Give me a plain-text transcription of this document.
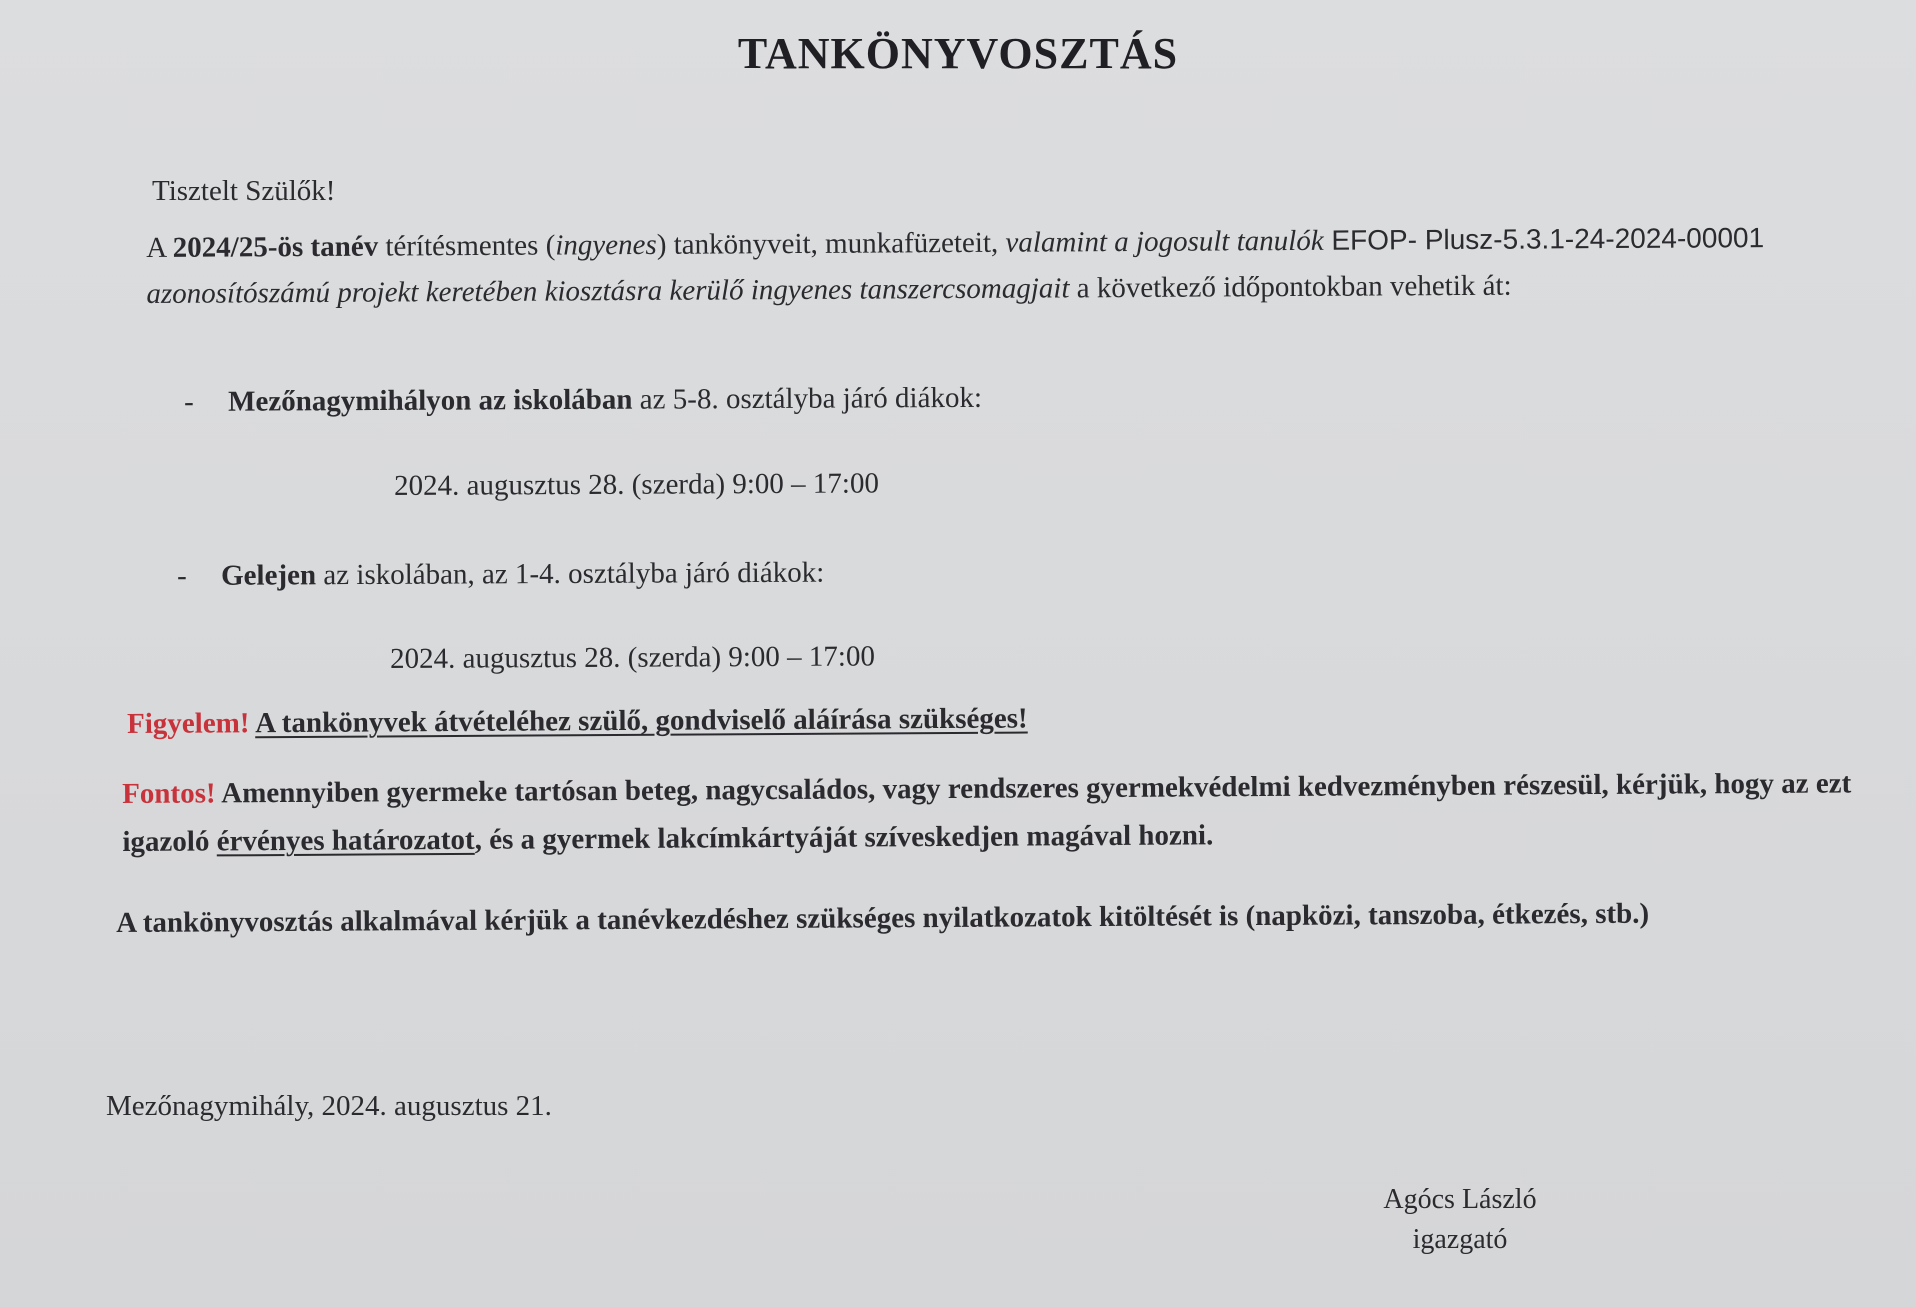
TANKÖNYVOSZTÁS
Tisztelt Szülők!
A 2024/25-ös tanév térítésmentes (ingyenes) tankönyveit, munkafüzeteit, valamint a jogosult tanulók EFOP- Plusz-5.3.1-24-2024-00001 azonosítószámú projekt keretében kiosztásra kerülő ingyenes tanszercsomagjait a következő időpontokban vehetik át:
- Mezőnagymihályon az iskolában az 5-8. osztályba járó diákok:
2024. augusztus 28. (szerda) 9:00 – 17:00
- Gelejen az iskolában, az 1-4. osztályba járó diákok:
2024. augusztus 28. (szerda) 9:00 – 17:00
Figyelem! A tankönyvek átvételéhez szülő, gondviselő aláírása szükséges!
Fontos! Amennyiben gyermeke tartósan beteg, nagycsaládos, vagy rendszeres gyermekvédelmi kedvezményben részesül, kérjük, hogy az ezt igazoló érvényes határozatot, és a gyermek lakcímkártyáját szíveskedjen magával hozni.
A tankönyvosztás alkalmával kérjük a tanévkezdéshez szükséges nyilatkozatok kitöltését is (napközi, tanszoba, étkezés, stb.)
Mezőnagymihály, 2024. augusztus 21.
Agócs László
igazgató
